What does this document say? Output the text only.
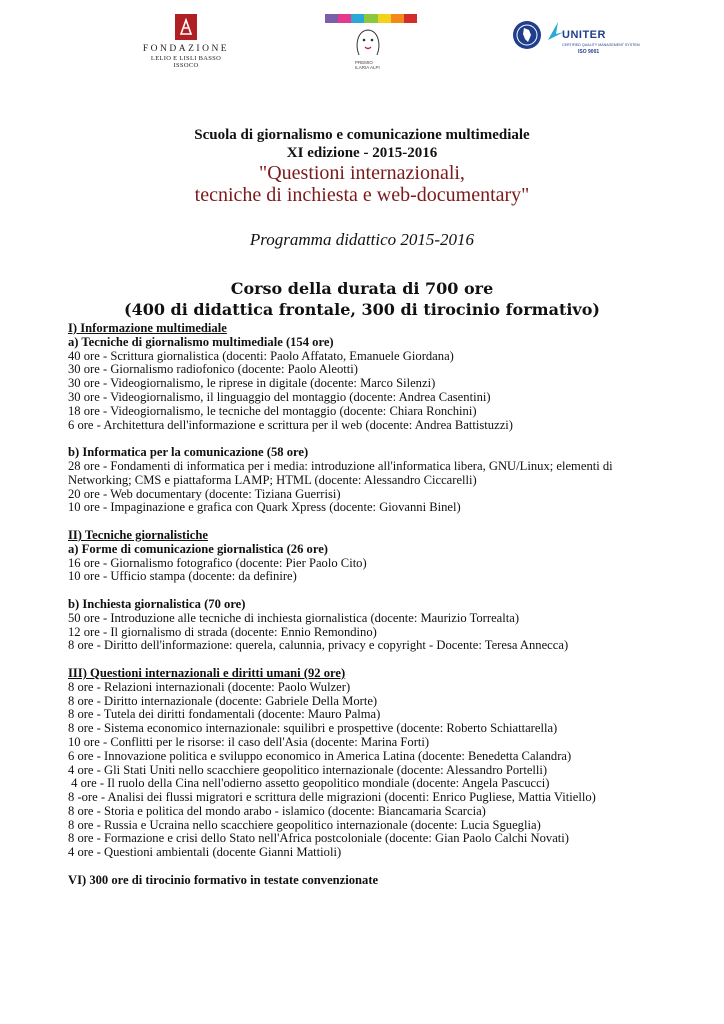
FONDAZIONE
LELIO E LISLI BASSO ISSOCO	PREMIO
ILARIA ALPI
UNITER
CERTIFIED QUALITY MANAGEMENT SYSTEM
ISO 9001
Scuola di giornalismo e comunicazione multimediale
XI edizione - 2015-2016
"Questioni internazionali,
tecniche di inchiesta e web-documentary"
Programma didattico 2015-2016
Corso della durata di 700 ore
(400 di didattica frontale, 300 di tirocinio formativo)
I) Informazione multimediale
a) Tecniche di giornalismo multimediale (154 ore)
40 ore - Scrittura giornalistica (docenti: Paolo Affatato, Emanuele Giordana)
30 ore - Giornalismo radiofonico (docente: Paolo Aleotti)
30 ore - Videogiornalismo, le riprese in digitale (docente: Marco Silenzi)
30 ore - Videogiornalismo, il linguaggio del montaggio (docente: Andrea Casentini)
18 ore - Videogiornalismo, le tecniche del montaggio (docente: Chiara Ronchini)
6 ore - Architettura dell'informazione e scrittura per il web (docente: Andrea Battistuzzi)
b) Informatica per la comunicazione (58 ore)
28 ore - Fondamenti di informatica per i media: introduzione all'informatica libera, GNU/Linux; elementi di Networking; CMS e piattaforma LAMP; HTML (docente: Alessandro Ciccarelli)
20 ore - Web documentary (docente: Tiziana Guerrisi)
10 ore - Impaginazione e grafica con Quark Xpress (docente: Giovanni Binel)
II) Tecniche giornalistiche
a) Forme di comunicazione giornalistica (26 ore)
16 ore - Giornalismo fotografico (docente: Pier Paolo Cito)
10 ore - Ufficio stampa (docente: da definire)
b) Inchiesta giornalistica (70 ore)
50 ore - Introduzione alle tecniche di inchiesta giornalistica (docente: Maurizio Torrealta)
12 ore - Il giornalismo di strada (docente: Ennio Remondino)
8 ore - Diritto dell'informazione: querela, calunnia, privacy e copyright - Docente: Teresa Annecca)
III) Questioni internazionali e diritti umani (92 ore)
8 ore - Relazioni internazionali (docente: Paolo Wulzer)
8 ore - Diritto internazionale (docente: Gabriele Della Morte)
8 ore - Tutela dei diritti fondamentali (docente: Mauro Palma)
8 ore - Sistema economico internazionale: squilibri e prospettive (docente: Roberto Schiattarella)
10 ore - Conflitti per le risorse: il caso dell'Asia (docente: Marina Forti)
6 ore - Innovazione politica e sviluppo economico in America Latina (docente: Benedetta Calandra)
4 ore - Gli Stati Uniti nello scacchiere geopolitico internazionale (docente: Alessandro Portelli)
4 ore - Il ruolo della Cina nell'odierno assetto geopolitico mondiale (docente: Angela Pascucci)
8 -ore - Analisi dei flussi migratori e scrittura delle migrazioni (docenti: Enrico Pugliese, Mattia Vitiello)
8 ore - Storia e politica del mondo arabo - islamico (docente: Biancamaria Scarcia)
8 ore - Russia e Ucraina nello scacchiere geopolitico internazionale (docente: Lucia Sgueglia)
8 ore - Formazione e crisi dello Stato nell'Africa postcoloniale (docente: Gian Paolo Calchi Novati)
4 ore - Questioni ambientali (docente Gianni Mattioli)
VI) 300 ore di tirocinio formativo in testate convenzionate
